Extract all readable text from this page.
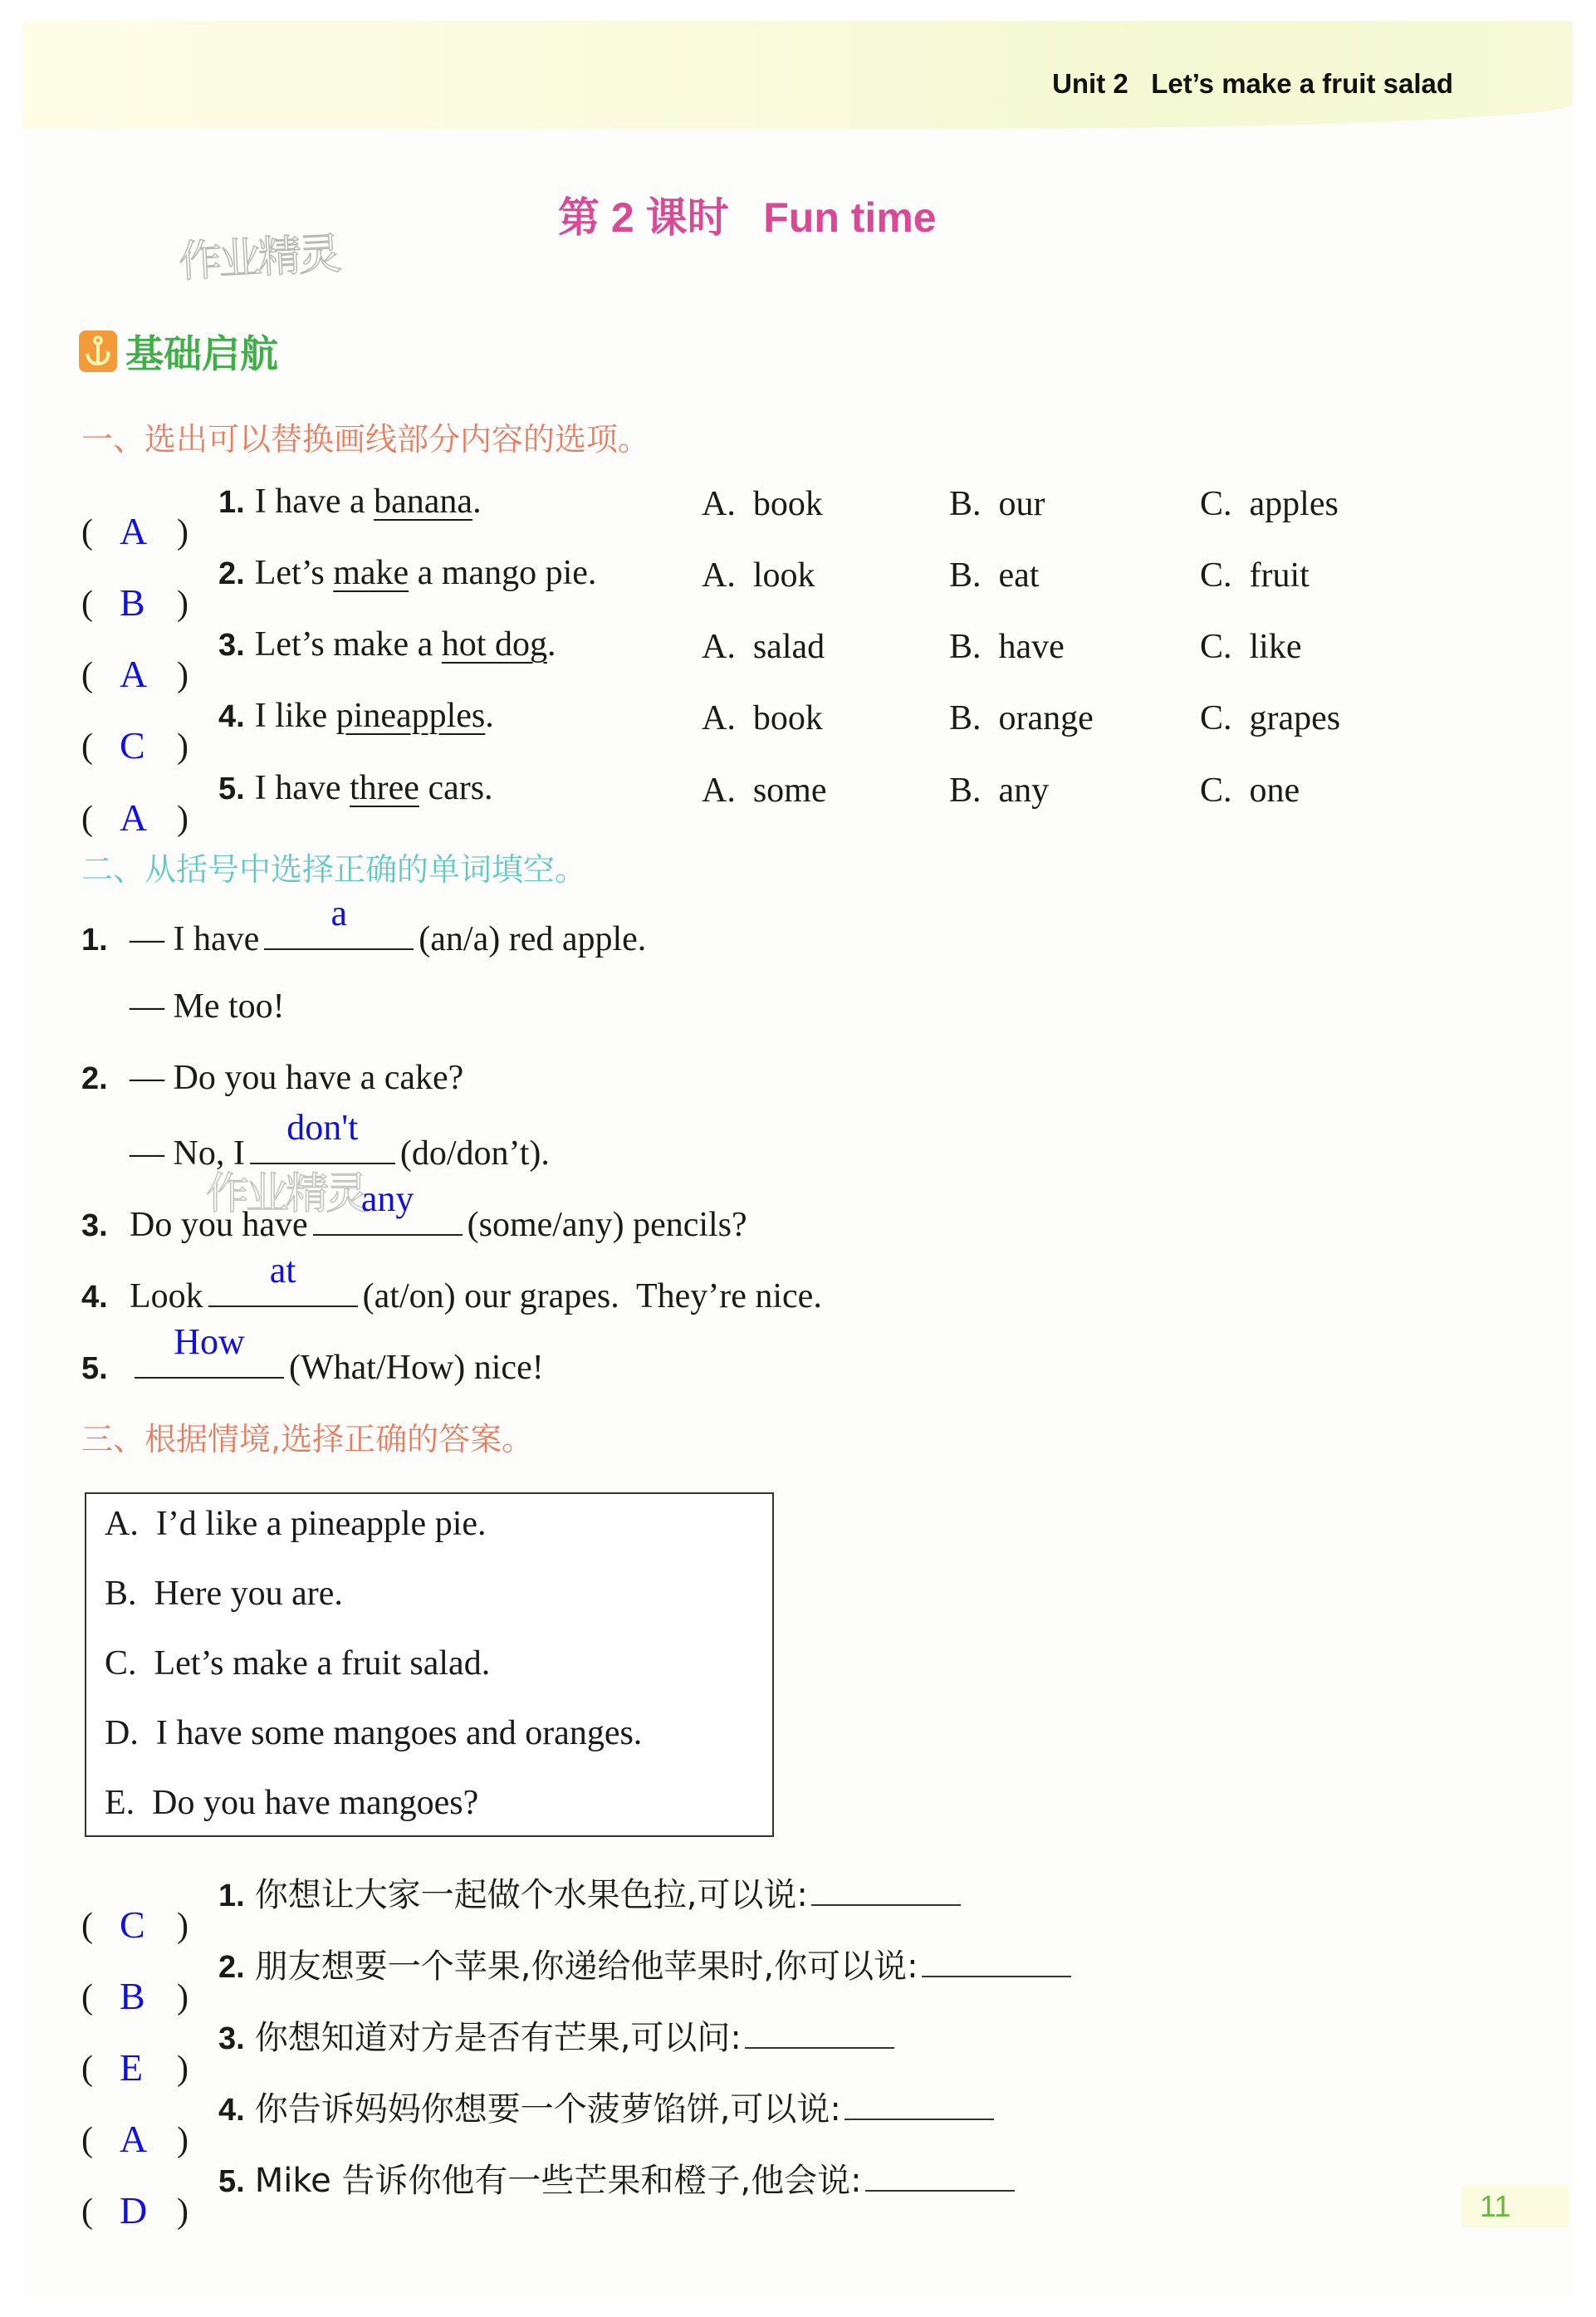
Unit 2   Let’s make a fruit salad
第 2 课时   Fun time
作业精灵
作业精灵
基础启航
一、选出可以替换画线部分内容的选项。
( A )
1. I have a banana.	A.  book	B.  our	C.  apples
( B )
2. Let’s make a mango pie.	A.  look	B.  eat	C.  fruit
( A )
3. Let’s make a hot dog.	A.  salad	B.  have	C.  like
( C )
4. I like pineapples.	A.  book	B.  orange	C.  grapes
( A )
5. I have three cars.	A.  some	B.  any	C.  one
二、从括号中选择正确的单词填空。
1. — I have
a
(an/a) red apple.
— Me too!
2. — Do you have a cake?
— No, I
don't
(do/don’t).
3. Do you have
any
(some/any) pencils?
4. Look
at
(at/on) our grapes.  They’re nice.
5.
How
(What/How) nice!
三、根据情境,选择正确的答案。
A.  I’d like a pineapple pie.
B.  Here you are.
C.  Let’s make a fruit salad.
D.  I have some mangoes and oranges.
E.  Do you have mangoes?
( C )
1. 你想让大家一起做个水果色拉,可以说:
( B )
2. 朋友想要一个苹果,你递给他苹果时,你可以说:
( E )
3. 你想知道对方是否有芒果,可以问:
( A )
4. 你告诉妈妈你想要一个菠萝馅饼,可以说:
( D )
5. Mike 告诉你他有一些芒果和橙子,他会说:
11
